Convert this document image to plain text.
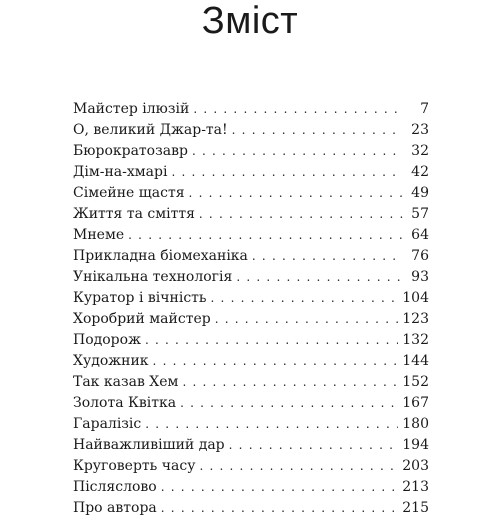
Зміст
Майстер ілюзій . . .	7
О, великий Джар-та! . . .	23
Бюрократозавр . . .	32
Дім-на-хмарі . . .	42
Сімейне щастя . . .	49
Життя та сміття . . .	57
Мнеме . . .	64
Прикладна біомеханіка . . .	76
Унікальна технологія . . .	93
Куратор і вічність . . .	104
Хоробрий майстер . . .	123
Подорож . . .	132
Художник . . .	144
Так казав Хем . . .	152
Золота Квітка . . .	167
Гаралізіс . . .	180
Найважливіший дар . . .	194
Круговерть часу . . .	203
Післяслово . . .	213
Про автора . . .	215
